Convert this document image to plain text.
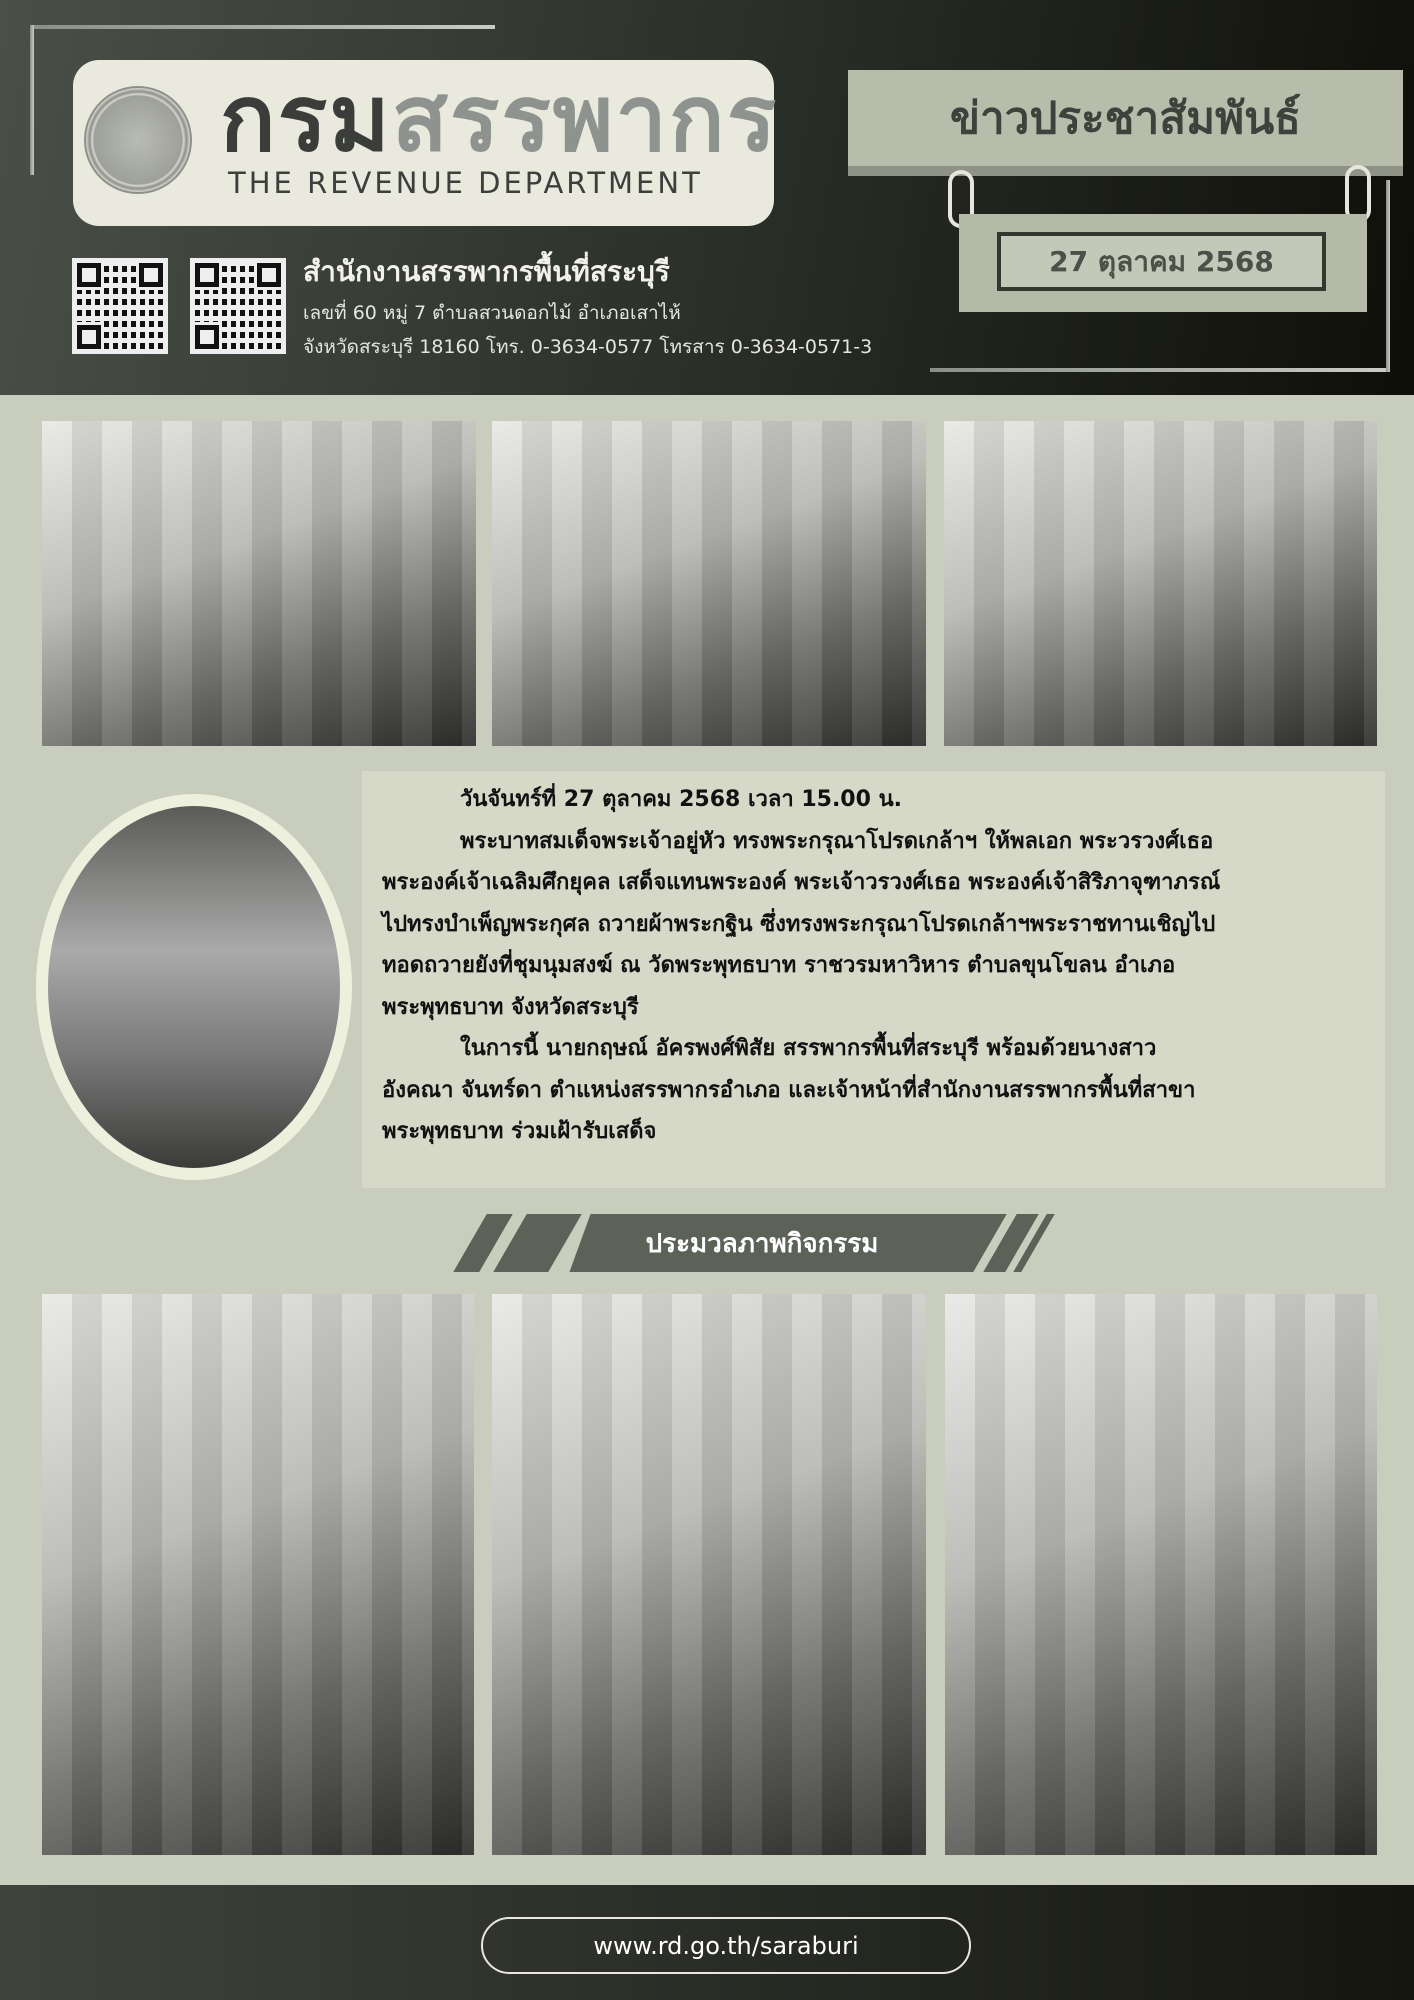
กรมสรรพากร
THE REVENUE DEPARTMENT
สำนักงานสรรพากรพื้นที่สระบุรี
เลขที่ 60 หมู่ 7 ตำบลสวนดอกไม้ อำเภอเสาไห้
จังหวัดสระบุรี 18160 โทร. 0-3634-0577 โทรสาร 0-3634-0571-3
ข่าวประชาสัมพันธ์
27 ตุลาคม 2568

วันจันทร์ที่ 27 ตุลาคม 2568 เวลา 15.00 น.

พระบาทสมเด็จพระเจ้าอยู่หัว ทรงพระกรุณาโปรดเกล้าฯ ให้พลเอก พระวรวงศ์เธอ

พระองค์เจ้าเฉลิมศึกยุคล เสด็จแทนพระองค์ พระเจ้าวรวงศ์เธอ พระองค์เจ้าสิริภาจุฑาภรณ์

ไปทรงบำเพ็ญพระกุศล ถวายผ้าพระกฐิน ซึ่งทรงพระกรุณาโปรดเกล้าฯพระราชทานเชิญไป

ทอดถวายยังที่ชุมนุมสงฆ์ ณ วัดพระพุทธบาท ราชวรมหาวิหาร ตำบลขุนโขลน อำเภอ

พระพุทธบาท จังหวัดสระบุรี

ในการนี้ นายกฤษณ์ อัครพงศ์พิสัย สรรพากรพื้นที่สระบุรี พร้อมด้วยนางสาว

อังคณา จันทร์ดา ตำแหน่งสรรพากรอำเภอ และเจ้าหน้าที่สำนักงานสรรพากรพื้นที่สาขา

พระพุทธบาท ร่วมเฝ้ารับเสด็จ

ประมวลภาพกิจกรรม
www.rd.go.th/saraburi
